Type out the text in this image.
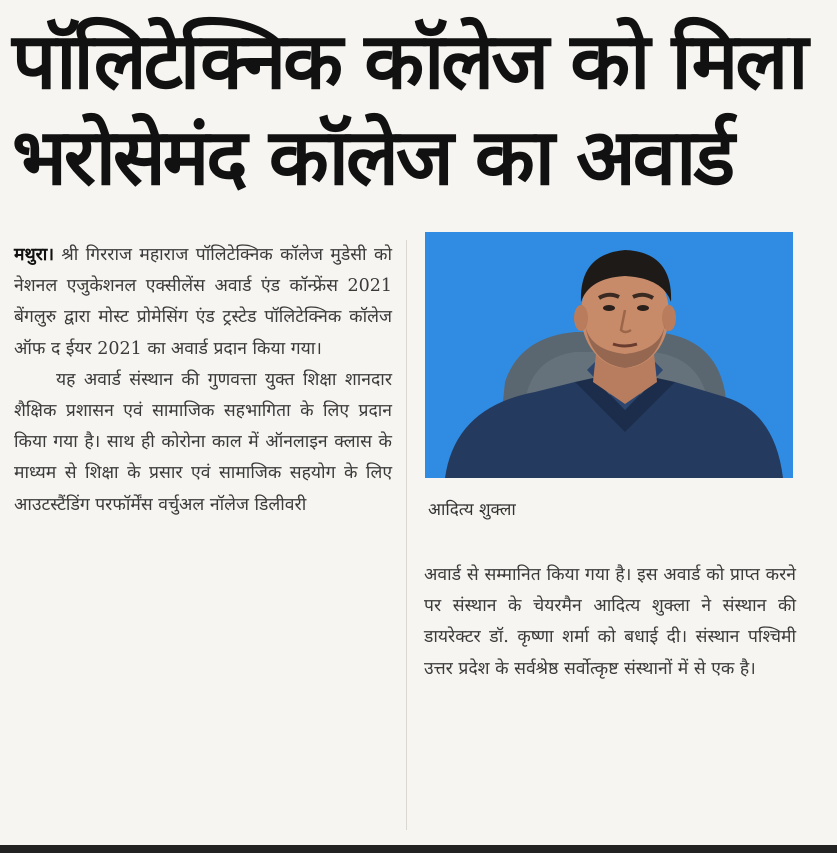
पॉलिटेक्निक कॉलेज को मिला भरोसेमंद कॉलेज का अवार्ड

मथुरा। श्री गिरराज महाराज पॉलिटेक्निक कॉलेज मुडेसी को नेशनल एजुकेशनल एक्सीलेंस अवार्ड एंड कॉन्फ्रेंस 2021 बेंगलुरु द्वारा मोस्ट प्रोमेसिंग एंड ट्रस्टेड पॉलिटेक्निक कॉलेज ऑफ द ईयर 2021 का अवार्ड प्रदान किया गया।

यह अवार्ड संस्थान की गुणवत्ता युक्त शिक्षा शानदार शैक्षिक प्रशासन एवं सामाजिक सहभागिता के लिए प्रदान किया गया है। साथ ही कोरोना काल में ऑनलाइन क्लास के माध्यम से शिक्षा के प्रसार एवं सामाजिक सहयोग के लिए आउटस्टैंडिंग परफॉर्मेंस वर्चुअल नॉलेज डिलीवरी	आदित्य शुक्ला

अवार्ड से सम्मानित किया गया है। इस अवार्ड को प्राप्त करने पर संस्थान के चेयरमैन आदित्य शुक्ला ने संस्थान की डायरेक्टर डॉ. कृष्णा शर्मा को बधाई दी। संस्थान पश्चिमी उत्तर प्रदेश के सर्वश्रेष्ठ सर्वोत्कृष्ट संस्थानों में से एक है।
